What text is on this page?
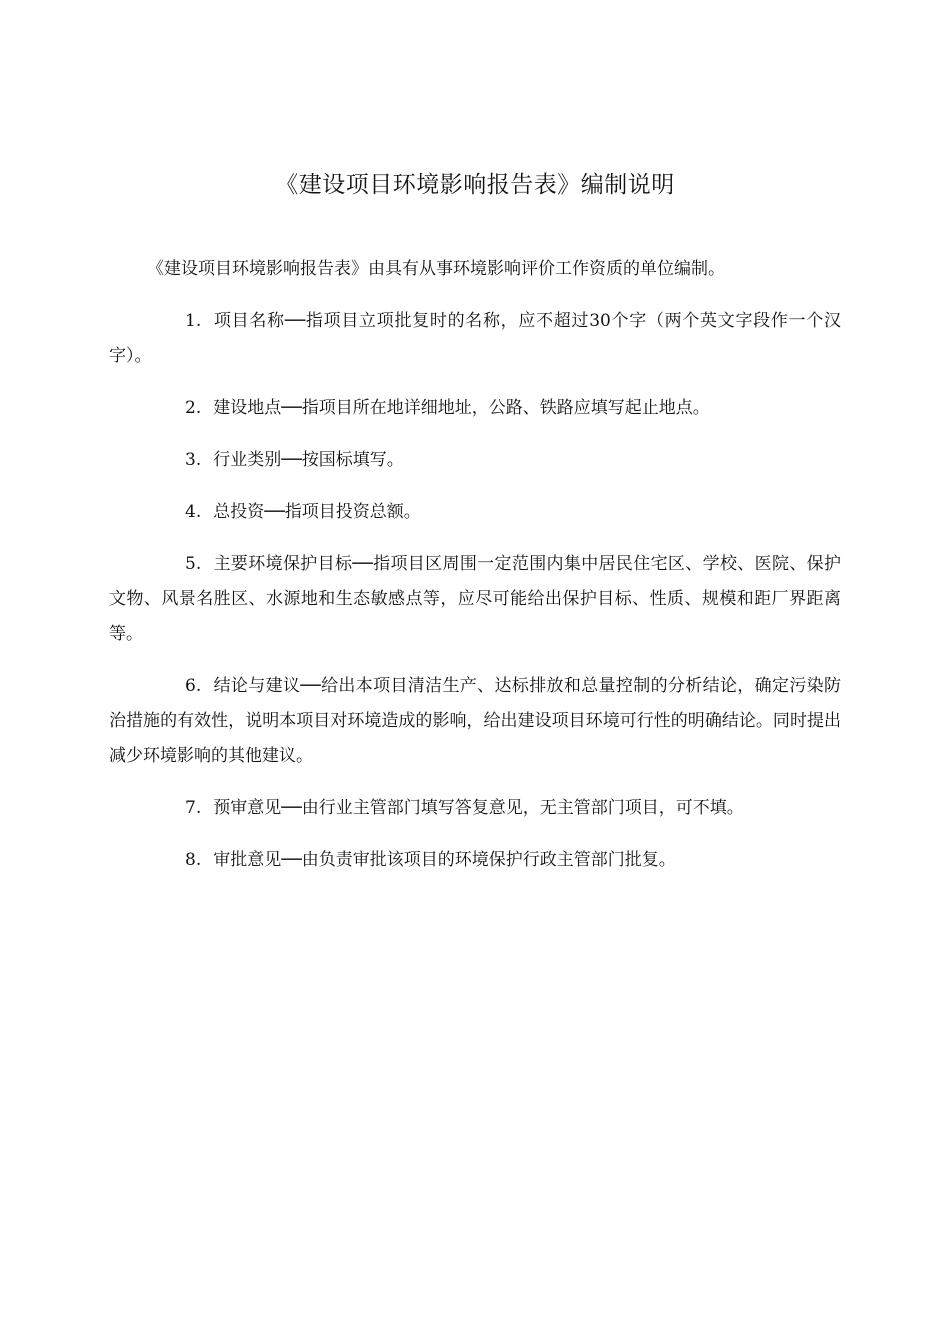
《建设项目环境影响报告表》编制说明

《建设项目环境影响报告表》由具有从事环境影响评价工作资质的单位编制。

1. 项目名称──指项目立项批复时的名称，应不超过30个字（两个英文字段作一个汉字）。

2. 建设地点──指项目所在地详细地址，公路、铁路应填写起止地点。

3. 行业类别──按国标填写。

4. 总投资──指项目投资总额。

5. 主要环境保护目标──指项目区周围一定范围内集中居民住宅区、学校、医院、保护文物、风景名胜区、水源地和生态敏感点等，应尽可能给出保护目标、性质、规模和距厂界距离等。

6. 结论与建议──给出本项目清洁生产、达标排放和总量控制的分析结论，确定污染防治措施的有效性，说明本项目对环境造成的影响，给出建设项目环境可行性的明确结论。同时提出减少环境影响的其他建议。

7. 预审意见──由行业主管部门填写答复意见，无主管部门项目，可不填。

8. 审批意见──由负责审批该项目的环境保护行政主管部门批复。
